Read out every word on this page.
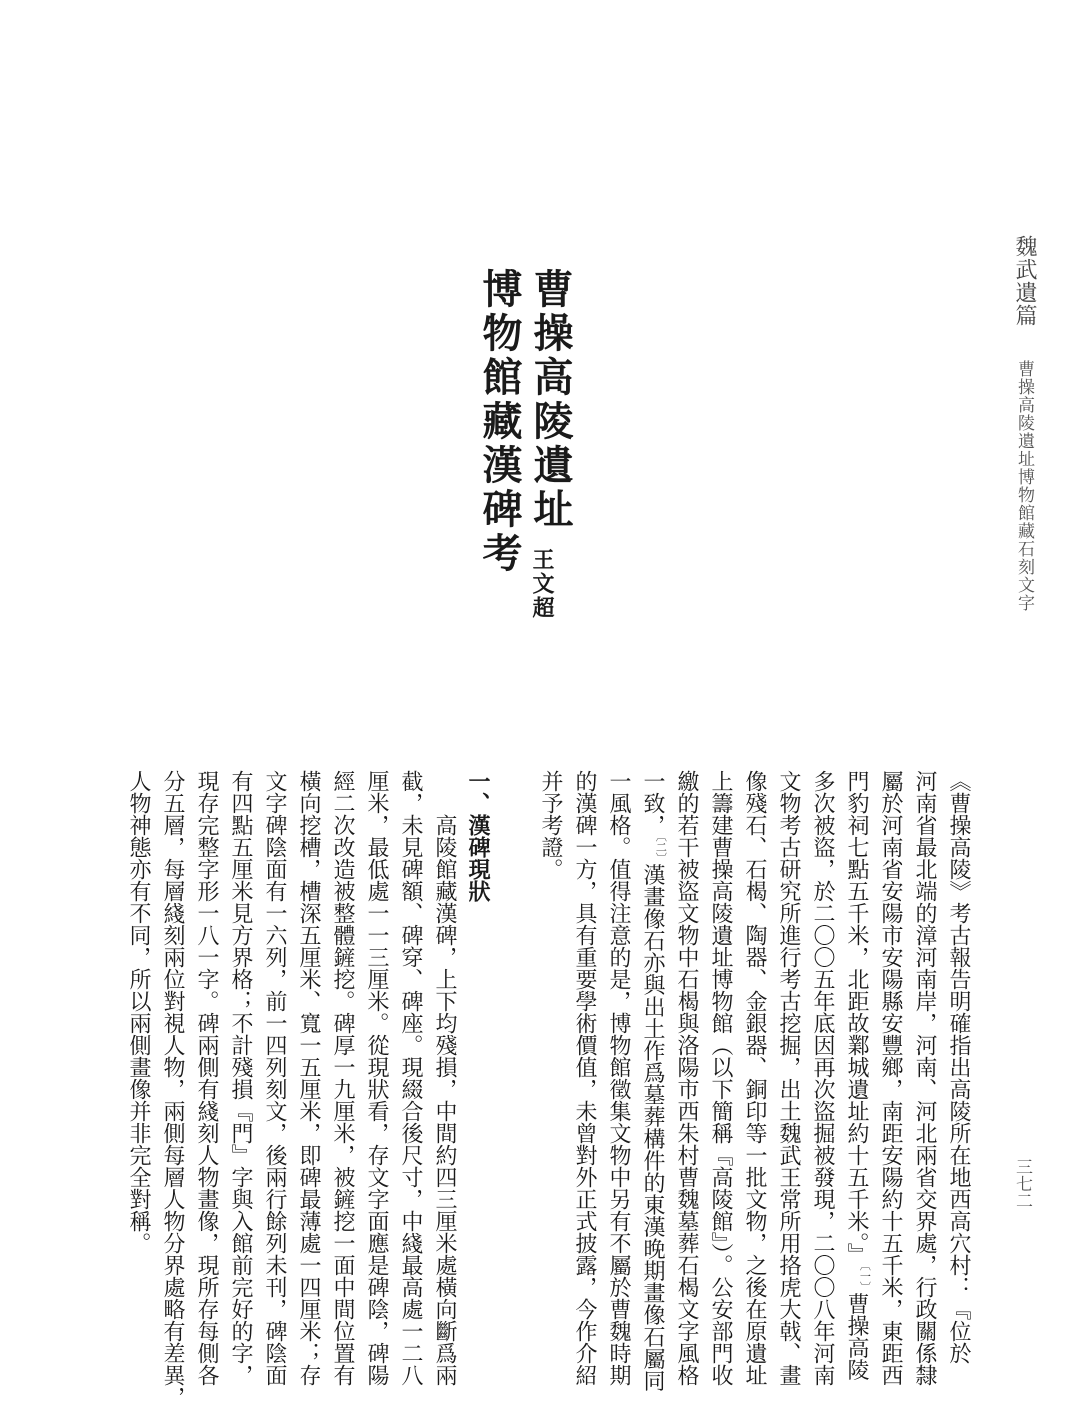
魏武遺篇 曹操高陵遺址博物館藏石刻文字
曹操高陵遺址
博物館藏漢碑考
王文超
《曹操高陵》考古報告明確指出高陵所在地西高穴村：『位於
河南省最北端的漳河南岸，河南、河北兩省交界處，行政關係隸
屬於河南省安陽市安陽縣安豐鄉，南距安陽約十五千米，東距西
門豹祠七點五千米，北距故鄴城遺址約十五千米。』$^{〔一〕}$曹操高陵
多次被盜，於二〇〇五年底因再次盜掘被發現，二〇〇八年河南
文物考古研究所進行考古挖掘，出土魏武王常所用挌虎大戟、畫
像殘石、石楬、陶器、金銀器、銅印等一批文物，之後在原遺址
上籌建曹操高陵遺址博物館（以下簡稱『高陵館』）。公安部門收
繳的若干被盜文物中石楬與洛陽市西朱村曹魏墓葬石楬文字風格
一致，$^{〔二〕}$漢畫像石亦與出土作爲墓葬構件的東漢晚期畫像石屬同
一風格。值得注意的是，博物館徵集文物中另有不屬於曹魏時期
的漢碑一方，具有重要學術價值，未曾對外正式披露，今作介紹
并予考證。
一、漢碑現狀
高陵館藏漢碑，上下均殘損，中間約四三厘米處橫向斷爲兩
截，未見碑額、碑穿、碑座。現綴合後尺寸，中綫最高處一二八
厘米，最低處一一三厘米。從現狀看，存文字面應是碑陰，碑陽
經二次改造被整體鏟挖。碑厚一九厘米，被鏟挖一面中間位置有
橫向挖槽，槽深五厘米、寬一五厘米，即碑最薄處一四厘米；存
文字碑陰面有一六列，前一四列刻文，後兩行餘列未刊，碑陰面
有四點五厘米見方界格；不計殘損『門』字與入館前完好的字，
現存完整字形一八一字。碑兩側有綫刻人物畫像，現所存每側各
分五層，每層綫刻兩位對視人物，兩側每層人物分界處略有差異，
人物神態亦有不同，所以兩側畫像并非完全對稱。	三七二
